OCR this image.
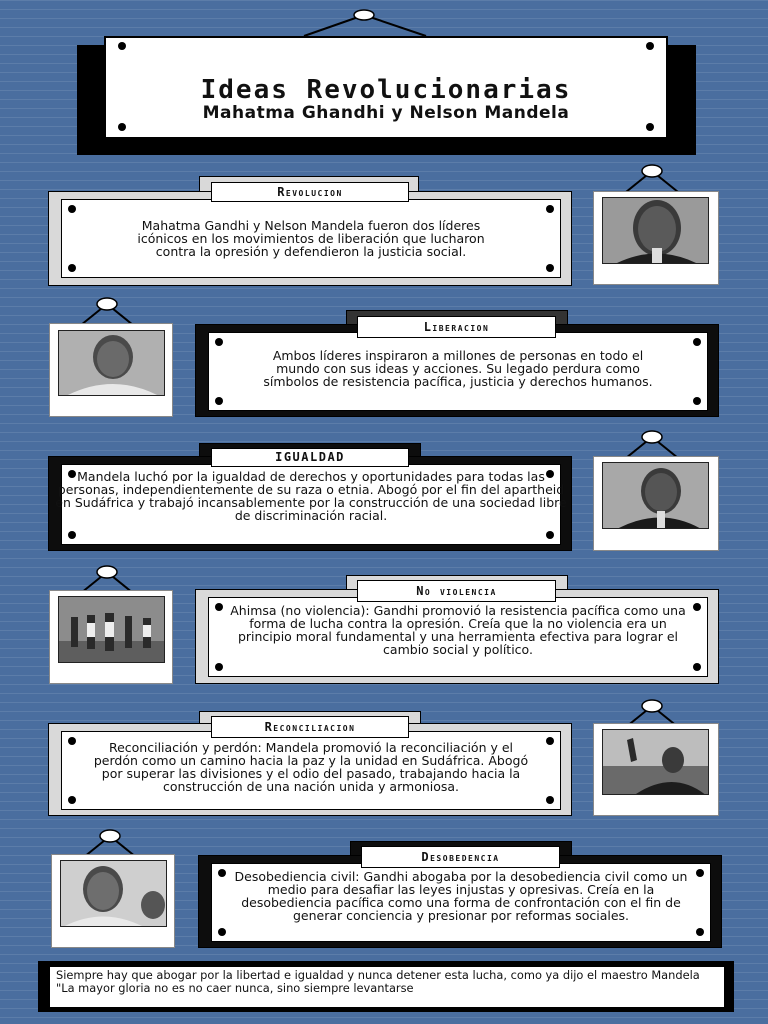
Ideas Revolucionarias
Mahatma Ghandhi y Nelson Mandela
Mahatma Gandhi y Nelson Mandela fueron dos líderes icónicos en los movimientos de liberación que lucharon contra la opresión y defendieron la justicia social.
Revolucion
Ambos líderes inspiraron a millones de personas en todo el mundo con sus ideas y acciones. Su legado perdura como símbolos de resistencia pacífica, justicia y derechos humanos.
Liberacion
Mandela luchó por la igualdad de derechos y oportunidades para todas las personas, independientemente de su raza o etnia. Abogó por el fin del apartheid en Sudáfrica y trabajó incansablemente por la construcción de una sociedad libre de discriminación racial.
IGUALDAD
Ahimsa (no violencia): Gandhi promovió la resistencia pacífica como una forma de lucha contra la opresión. Creía que la no violencia era un principio moral fundamental y una herramienta efectiva para lograr el cambio social y político.
No violencia
Reconciliación y perdón: Mandela promovió la reconciliación y el perdón como un camino hacia la paz y la unidad en Sudáfrica. Abogó por superar las divisiones y el odio del pasado, trabajando hacia la construcción de una nación unida y armoniosa.
Reconciliacion
Desobediencia civil: Gandhi abogaba por la desobediencia civil como un medio para desafiar las leyes injustas y opresivas. Creía en la desobediencia pacífica como una forma de confrontación con el fin de generar conciencia y presionar por reformas sociales.
Desobedencia
Siempre hay que abogar por la libertad e igualdad y nunca detener esta lucha, como ya dijo el maestro Mandela "La mayor gloria no es no caer nunca, sino siempre levantarse
